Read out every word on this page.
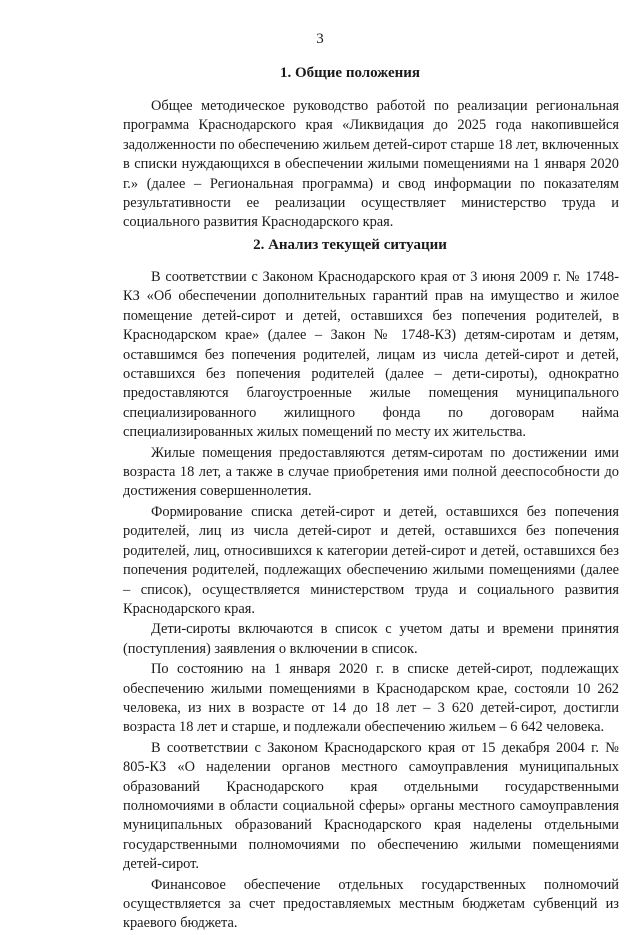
3
1. Общие положения

Общее методическое руководство работой по реализации региональная программа Краснодарского края «Ликвидация до 2025 года накопившейся задолженности по обеспечению жильем детей-сирот старше 18 лет, включенных в списки нуждающихся в обеспечении жилыми помещениями на 1 января 2020 г.» (далее – Региональная программа) и свод информации по показателям результативности ее реализации осуществляет министерство труда и социального развития Краснодарского края.

2. Анализ текущей ситуации

В соответствии с Законом Краснодарского края от 3 июня 2009 г. № 1748-КЗ «Об обеспечении дополнительных гарантий прав на имущество и жилое помещение детей-сирот и детей, оставшихся без попечения родителей, в Краснодарском крае» (далее – Закон № 1748-КЗ) детям-сиротам и детям, оставшимся без попечения родителей, лицам из числа детей-сирот и детей, оставшихся без попечения родителей (далее – дети-сироты), однократно предоставляются благоустроенные жилые помещения муниципального специализированного жилищного фонда по договорам найма специализированных жилых помещений по месту их жительства.

Жилые помещения предоставляются детям-сиротам по достижении ими возраста 18 лет, а также в случае приобретения ими полной дееспособности до достижения совершеннолетия.

Формирование списка детей-сирот и детей, оставшихся без попечения родителей, лиц из числа детей-сирот и детей, оставшихся без попечения родителей, лиц, относившихся к категории детей-сирот и детей, оставшихся без попечения родителей, подлежащих обеспечению жилыми помещениями (далее – список), осуществляется министерством труда и социального развития Краснодарского края.

Дети-сироты включаются в список с учетом даты и времени принятия (поступления) заявления о включении в список.

По состоянию на 1 января 2020 г. в списке детей-сирот, подлежащих обеспечению жилыми помещениями в Краснодарском крае, состояли 10 262 человека, из них в возрасте от 14 до 18 лет – 3 620 детей-сирот, достигли возраста 18 лет и старше, и подлежали обеспечению жильем – 6 642 человека.

В соответствии с Законом Краснодарского края от 15 декабря 2004 г. № 805-КЗ «О наделении органов местного самоуправления муниципальных образований Краснодарского края отдельными государственными полномочиями в области социальной сферы» органы местного самоуправления муниципальных образований Краснодарского края наделены отдельными государственными полномочиями по обеспечению жилыми помещениями детей-сирот.

Финансовое обеспечение отдельных государственных полномочий осуществляется за счет предоставляемых местным бюджетам субвенций из краевого бюджета.
